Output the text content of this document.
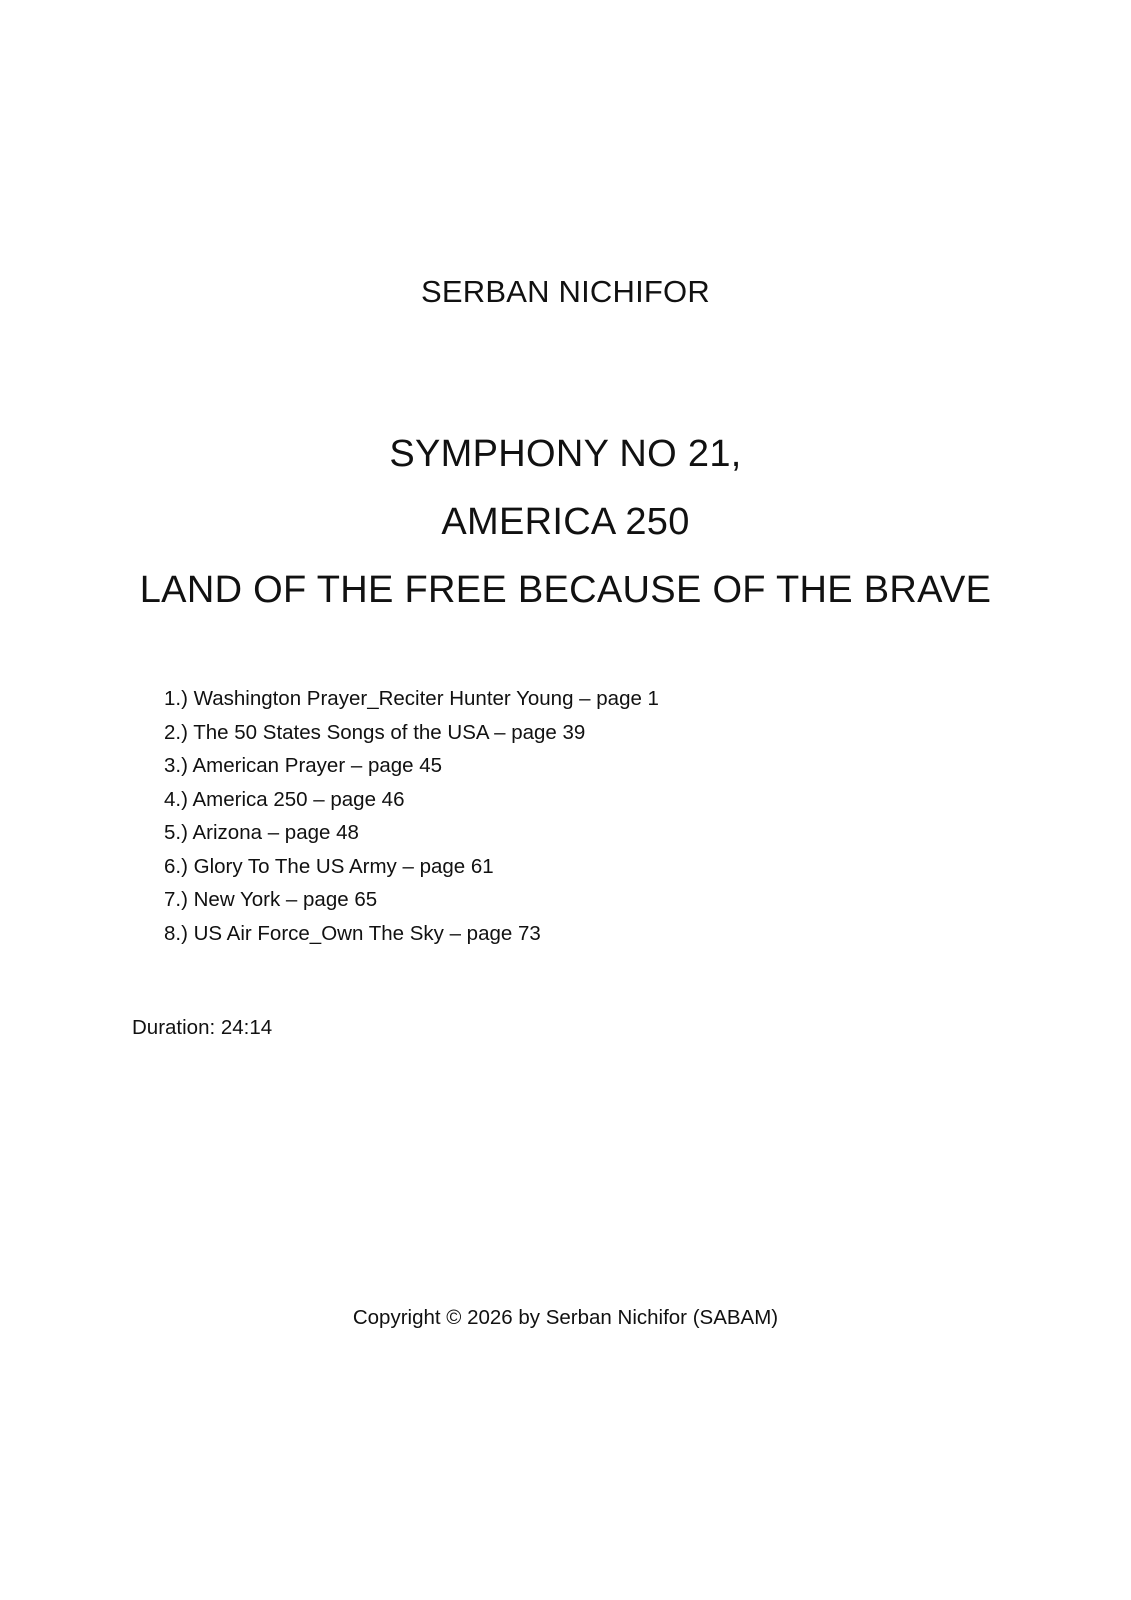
SERBAN NICHIFOR
SYMPHONY NO 21,
AMERICA 250
LAND OF THE FREE BECAUSE OF THE BRAVE
1.) Washington Prayer_Reciter Hunter Young – page 1
2.) The 50 States Songs of the USA – page 39
3.) American Prayer – page 45
4.) America 250 – page 46
5.) Arizona – page 48
6.) Glory To The US Army – page 61
7.) New York – page 65
8.) US Air Force_Own The Sky – page 73
Duration: 24:14
Copyright © 2026 by Serban Nichifor (SABAM)
